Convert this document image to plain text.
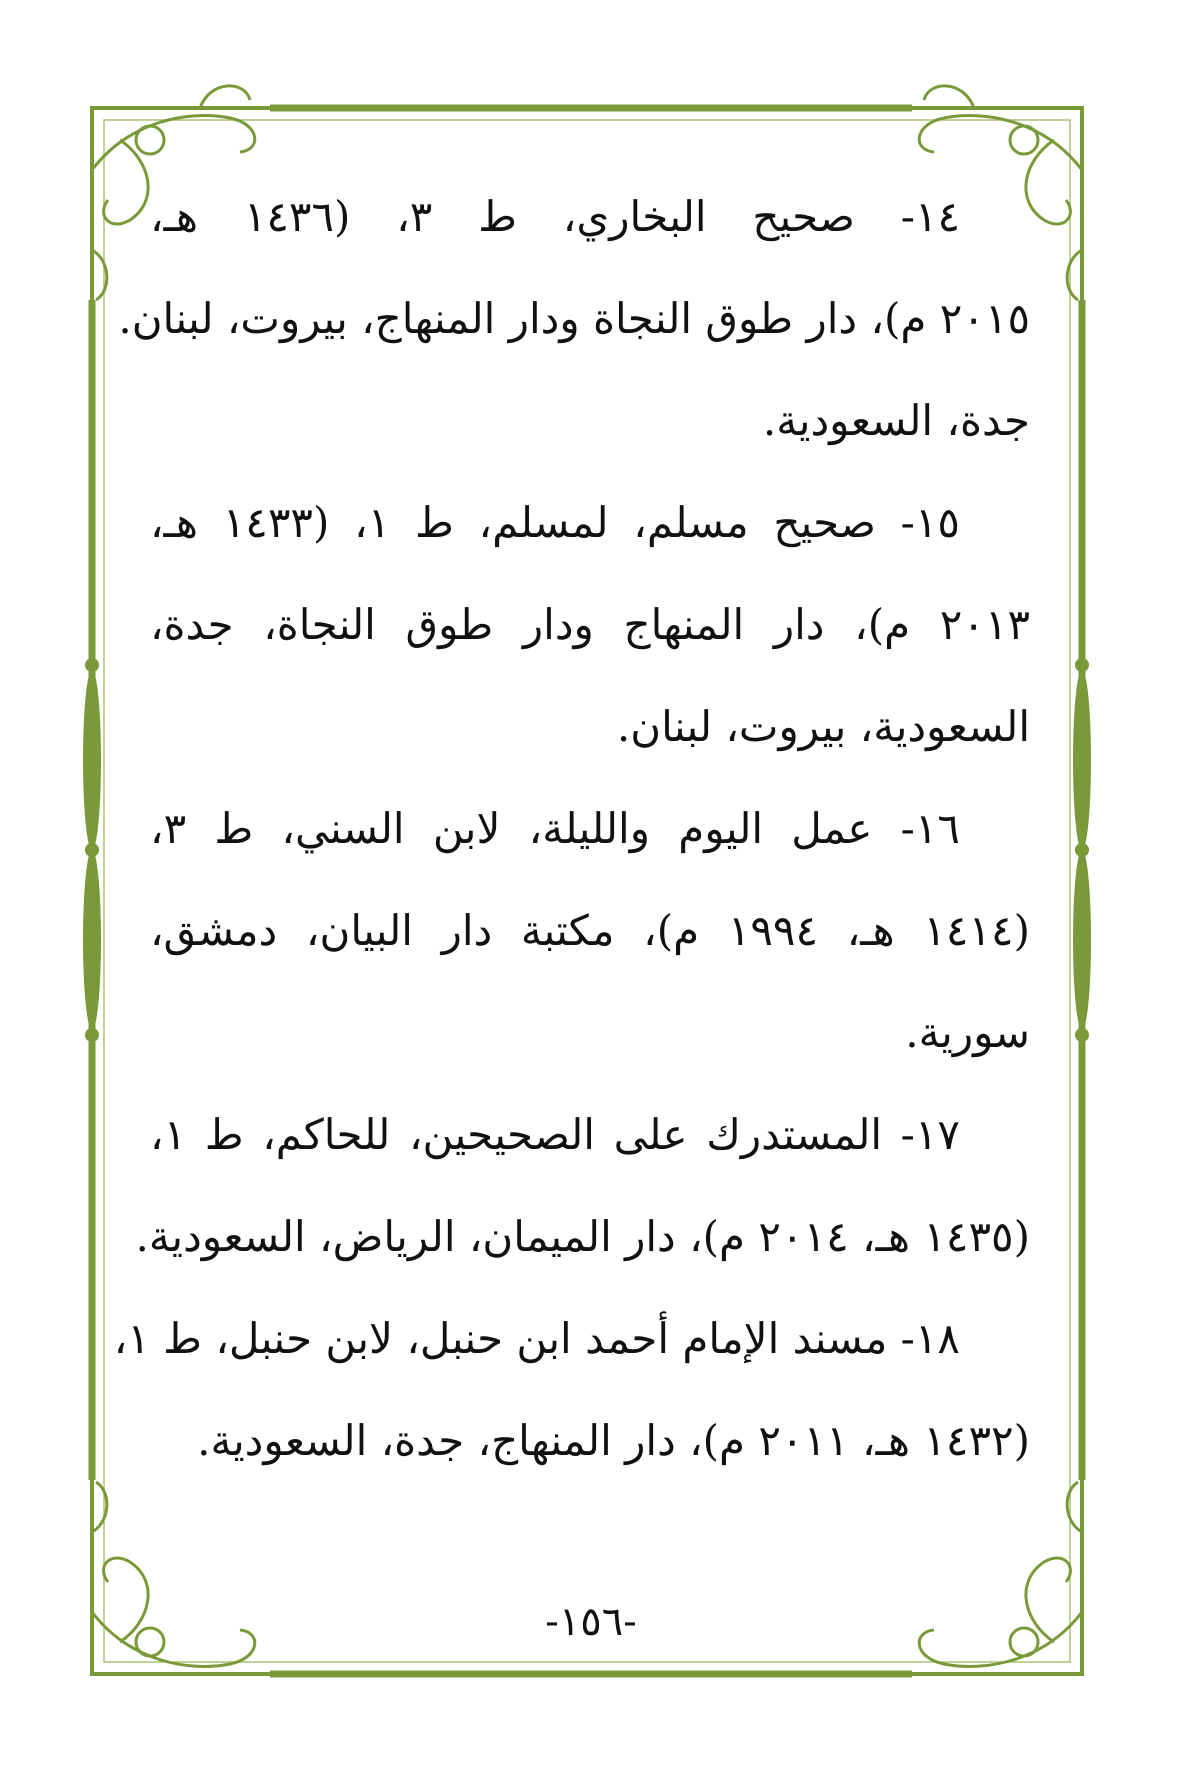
١٤- صحيح البخاري، ط ٣، (١٤٣٦ هـ،
٢٠١٥ م)، دار طوق النجاة ودار المنهاج، بيروت، لبنان.
جدة، السعودية.
١٥- صحيح مسلم، لمسلم، ط ١، (١٤٣٣ هـ،
٢٠١٣ م)، دار المنهاج ودار طوق النجاة، جدة،
السعودية، بيروت، لبنان.
١٦- عمل اليوم والليلة، لابن السني، ط ٣،
(١٤١٤ هـ، ١٩٩٤ م)، مكتبة دار البيان، دمشق،
سورية.
١٧- المستدرك على الصحيحين، للحاكم، ط ١،
(١٤٣٥ هـ، ٢٠١٤ م)، دار الميمان، الرياض، السعودية.
١٨- مسند الإمام أحمد ابن حنبل، لابن حنبل، ط ١،
(١٤٣٢ هـ، ٢٠١١ م)، دار المنهاج، جدة، السعودية.
-١٥٦-
